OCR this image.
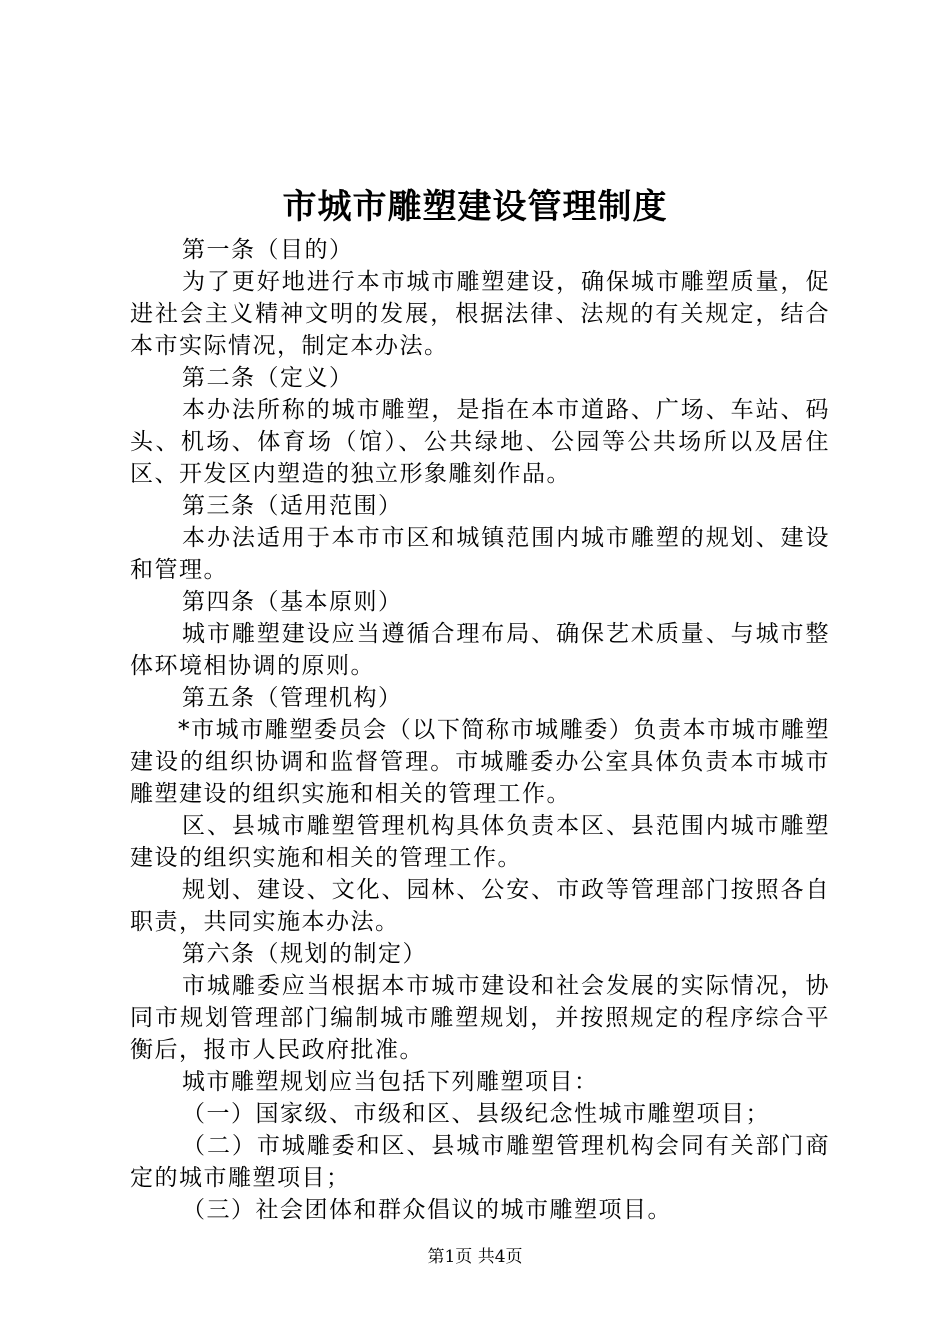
市城市雕塑建设管理制度

第一条（目的）

为了更好地进行本市城市雕塑建设，确保城市雕塑质量，促进社会主义精神文明的发展，根据法律、法规的有关规定，结合本市实际情况，制定本办法。

第二条（定义）

本办法所称的城市雕塑，是指在本市道路、广场、车站、码头、机场、体育场（馆）、公共绿地、公园等公共场所以及居住区、开发区内塑造的独立形象雕刻作品。

第三条（适用范围）

本办法适用于本市市区和城镇范围内城市雕塑的规划、建设和管理。

第四条（基本原则）

城市雕塑建设应当遵循合理布局、确保艺术质量、与城市整体环境相协调的原则。

第五条（管理机构）

*市城市雕塑委员会（以下简称市城雕委）负责本市城市雕塑建设的组织协调和监督管理。市城雕委办公室具体负责本市城市雕塑建设的组织实施和相关的管理工作。

区、县城市雕塑管理机构具体负责本区、县范围内城市雕塑建设的组织实施和相关的管理工作。

规划、建设、文化、园林、公安、市政等管理部门按照各自职责，共同实施本办法。

第六条（规划的制定）

市城雕委应当根据本市城市建设和社会发展的实际情况，协同市规划管理部门编制城市雕塑规划，并按照规定的程序综合平衡后，报市人民政府批准。

城市雕塑规划应当包括下列雕塑项目：

（一）国家级、市级和区、县级纪念性城市雕塑项目；

（二）市城雕委和区、县城市雕塑管理机构会同有关部门商定的城市雕塑项目；

（三）社会团体和群众倡议的城市雕塑项目。

第1页 共4页
